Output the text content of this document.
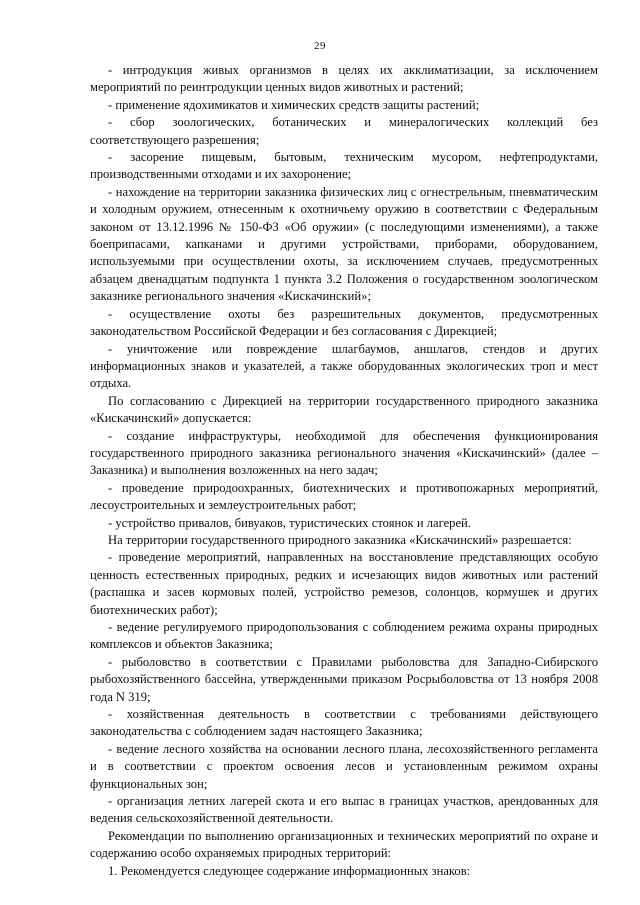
29

- интродукция живых организмов в целях их акклиматизации, за исключением мероприятий по реинтродукции ценных видов животных и растений;

- применение ядохимикатов и химических средств защиты растений;

- сбор зоологических, ботанических и минералогических коллекций без соответствующего разрешения;

- засорение пищевым, бытовым, техническим мусором, нефтепродуктами, производственными отходами и их захоронение;

- нахождение на территории заказника физических лиц с огнестрельным, пневматическим и холодным оружием, отнесенным к охотничьему оружию в соответствии с Федеральным законом от 13.12.1996 № 150-ФЗ «Об оружии» (с последующими изменениями), а также боеприпасами, капканами и другими устройствами, приборами, оборудованием, используемыми при осуществлении охоты, за исключением случаев, предусмотренных абзацем двенадцатым подпункта 1 пункта 3.2 Положения о государственном зоологическом заказнике регионального значения «Кискачинский»;

- осуществление охоты без разрешительных документов, предусмотренных законодательством Российской Федерации и без согласования с Дирекцией;

- уничтожение или повреждение шлагбаумов, аншлагов, стендов и других информационных знаков и указателей, а также оборудованных экологических троп и мест отдыха.

По согласованию с Дирекцией на территории государственного природного заказника «Кискачинский» допускается:

- создание инфраструктуры, необходимой для обеспечения функционирования государственного природного заказника регионального значения «Кискачинский» (далее – Заказника) и выполнения возложенных на него задач;

- проведение природоохранных, биотехнических и противопожарных мероприятий, лесоустроительных и землеустроительных работ;

- устройство привалов, бивуаков, туристических стоянок и лагерей.

На территории государственного природного заказника «Кискачинский» разрешается:

- проведение мероприятий, направленных на восстановление представляющих особую ценность естественных природных, редких и исчезающих видов животных или растений (распашка и засев кормовых полей, устройство ремезов, солонцов, кормушек и других биотехнических работ);

- ведение регулируемого природопользования с соблюдением режима охраны природных комплексов и объектов Заказника;

- рыболовство в соответствии с Правилами рыболовства для Западно-Сибирского рыбохозяйственного бассейна, утвержденными приказом Росрыболовства от 13 ноября 2008 года N 319;

- хозяйственная деятельность в соответствии с требованиями действующего законодательства с соблюдением задач настоящего Заказника;

- ведение лесного хозяйства на основании лесного плана, лесохозяйственного регламента и в соответствии с проектом освоения лесов и установленным режимом охраны функциональных зон;

- организация летних лагерей скота и его выпас в границах участков, арендованных для ведения сельскохозяйственной деятельности.

Рекомендации по выполнению организационных и технических мероприятий по охране и содержанию особо охраняемых природных территорий:

1. Рекомендуется следующее содержание информационных знаков:
